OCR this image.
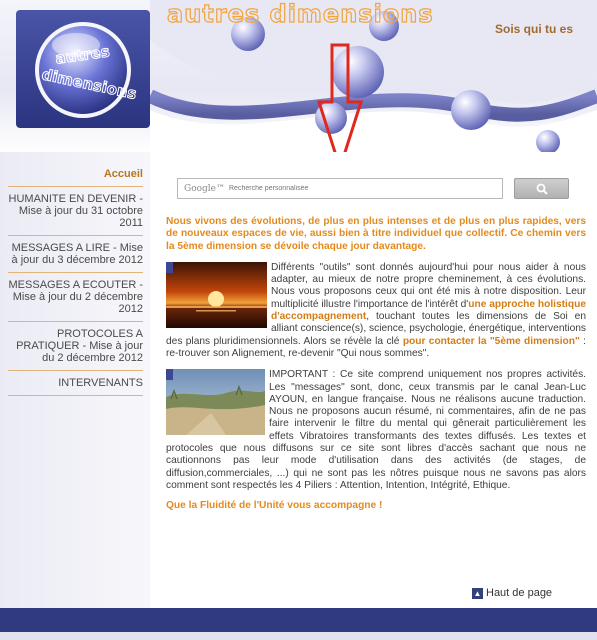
autres dimensions
Sois qui tu es
autres
dimensions
Accueil
HUMANITE EN DEVENIR - Mise à jour du 31 octobre 2011
MESSAGES A LIRE - Mise à jour du 3 décembre 2012
MESSAGES A ECOUTER - Mise à jour du 2 décembre 2012
PROTOCOLES A PRATIQUER - Mise à jour du 2 décembre 2012
INTERVENANTS
Google™
Recherche personnalisée

Nous vivons des évolutions, de plus en plus intenses et de plus en plus rapides, vers de nouveaux espaces de vie, aussi bien à titre individuel que collectif. Ce chemin vers la 5ème dimension se dévoile chaque jour davantage.

Différents "outils" sont donnés aujourd'hui pour nous aider à nous adapter, au mieux de notre propre cheminement, à ces évolutions. Nous vous proposons ceux qui ont été mis à notre disposition. Leur multiplicité illustre l'importance de l'intérêt d'une approche holistique d'accompagnement, touchant toutes les dimensions de Soi en alliant conscience(s), science, psychologie, énergétique, interventions des plans pluridimensionnels. Alors se révèle la clé pour contacter la "5ème dimension" : re-trouver son Alignement, re-devenir "Qui nous sommes".
IMPORTANT : Ce site comprend uniquement nos propres activités. Les "messages" sont, donc, ceux transmis par le canal Jean-Luc AYOUN, en langue française. Nous ne réalisons aucune traduction. Nous ne proposons aucun résumé, ni commentaires, afin de ne pas faire intervenir le filtre du mental qui gênerait particulièrement les effets Vibratoires transformants des textes diffusés. Les textes et protocoles que nous diffusons sur ce site sont libres d'accès sachant que nous ne cautionnons pas leur mode d'utilisation dans des activités (de stages, de diffusion,commerciales, ...) qui ne sont pas les nôtres puisque nous ne savons pas alors comment sont respectés les 4 Piliers : Attention, Intention, Intégrité, Ethique.

Que la Fluidité de l'Unité vous accompagne !

▲ Haut de page
